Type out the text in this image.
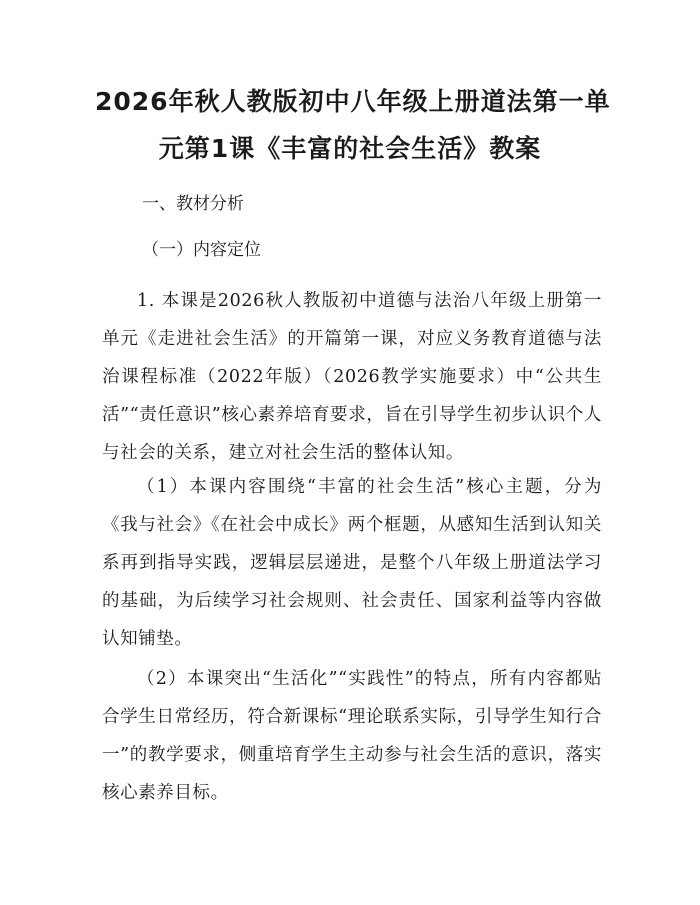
2026年秋人教版初中八年级上册道法第一单
元第1课《丰富的社会生活》教案
一、教材分析
（一）内容定位
1. 本课是2026秋人教版初中道德与法治八年级上册第一单元《走进社会生活》的开篇第一课，对应义务教育道德与法治课程标准（2022年版）（2026教学实施要求）中“公共生活”“责任意识”核心素养培育要求，旨在引导学生初步认识个人与社会的关系，建立对社会生活的整体认知。
（1）本课内容围绕“丰富的社会生活”核心主题，分为《我与社会》《在社会中成长》两个框题，从感知生活到认知关系再到指导实践，逻辑层层递进，是整个八年级上册道法学习的基础，为后续学习社会规则、社会责任、国家利益等内容做认知铺垫。
（2）本课突出“生活化”“实践性”的特点，所有内容都贴合学生日常经历，符合新课标“理论联系实际，引导学生知行合一”的教学要求，侧重培育学生主动参与社会生活的意识，落实核心素养目标。
